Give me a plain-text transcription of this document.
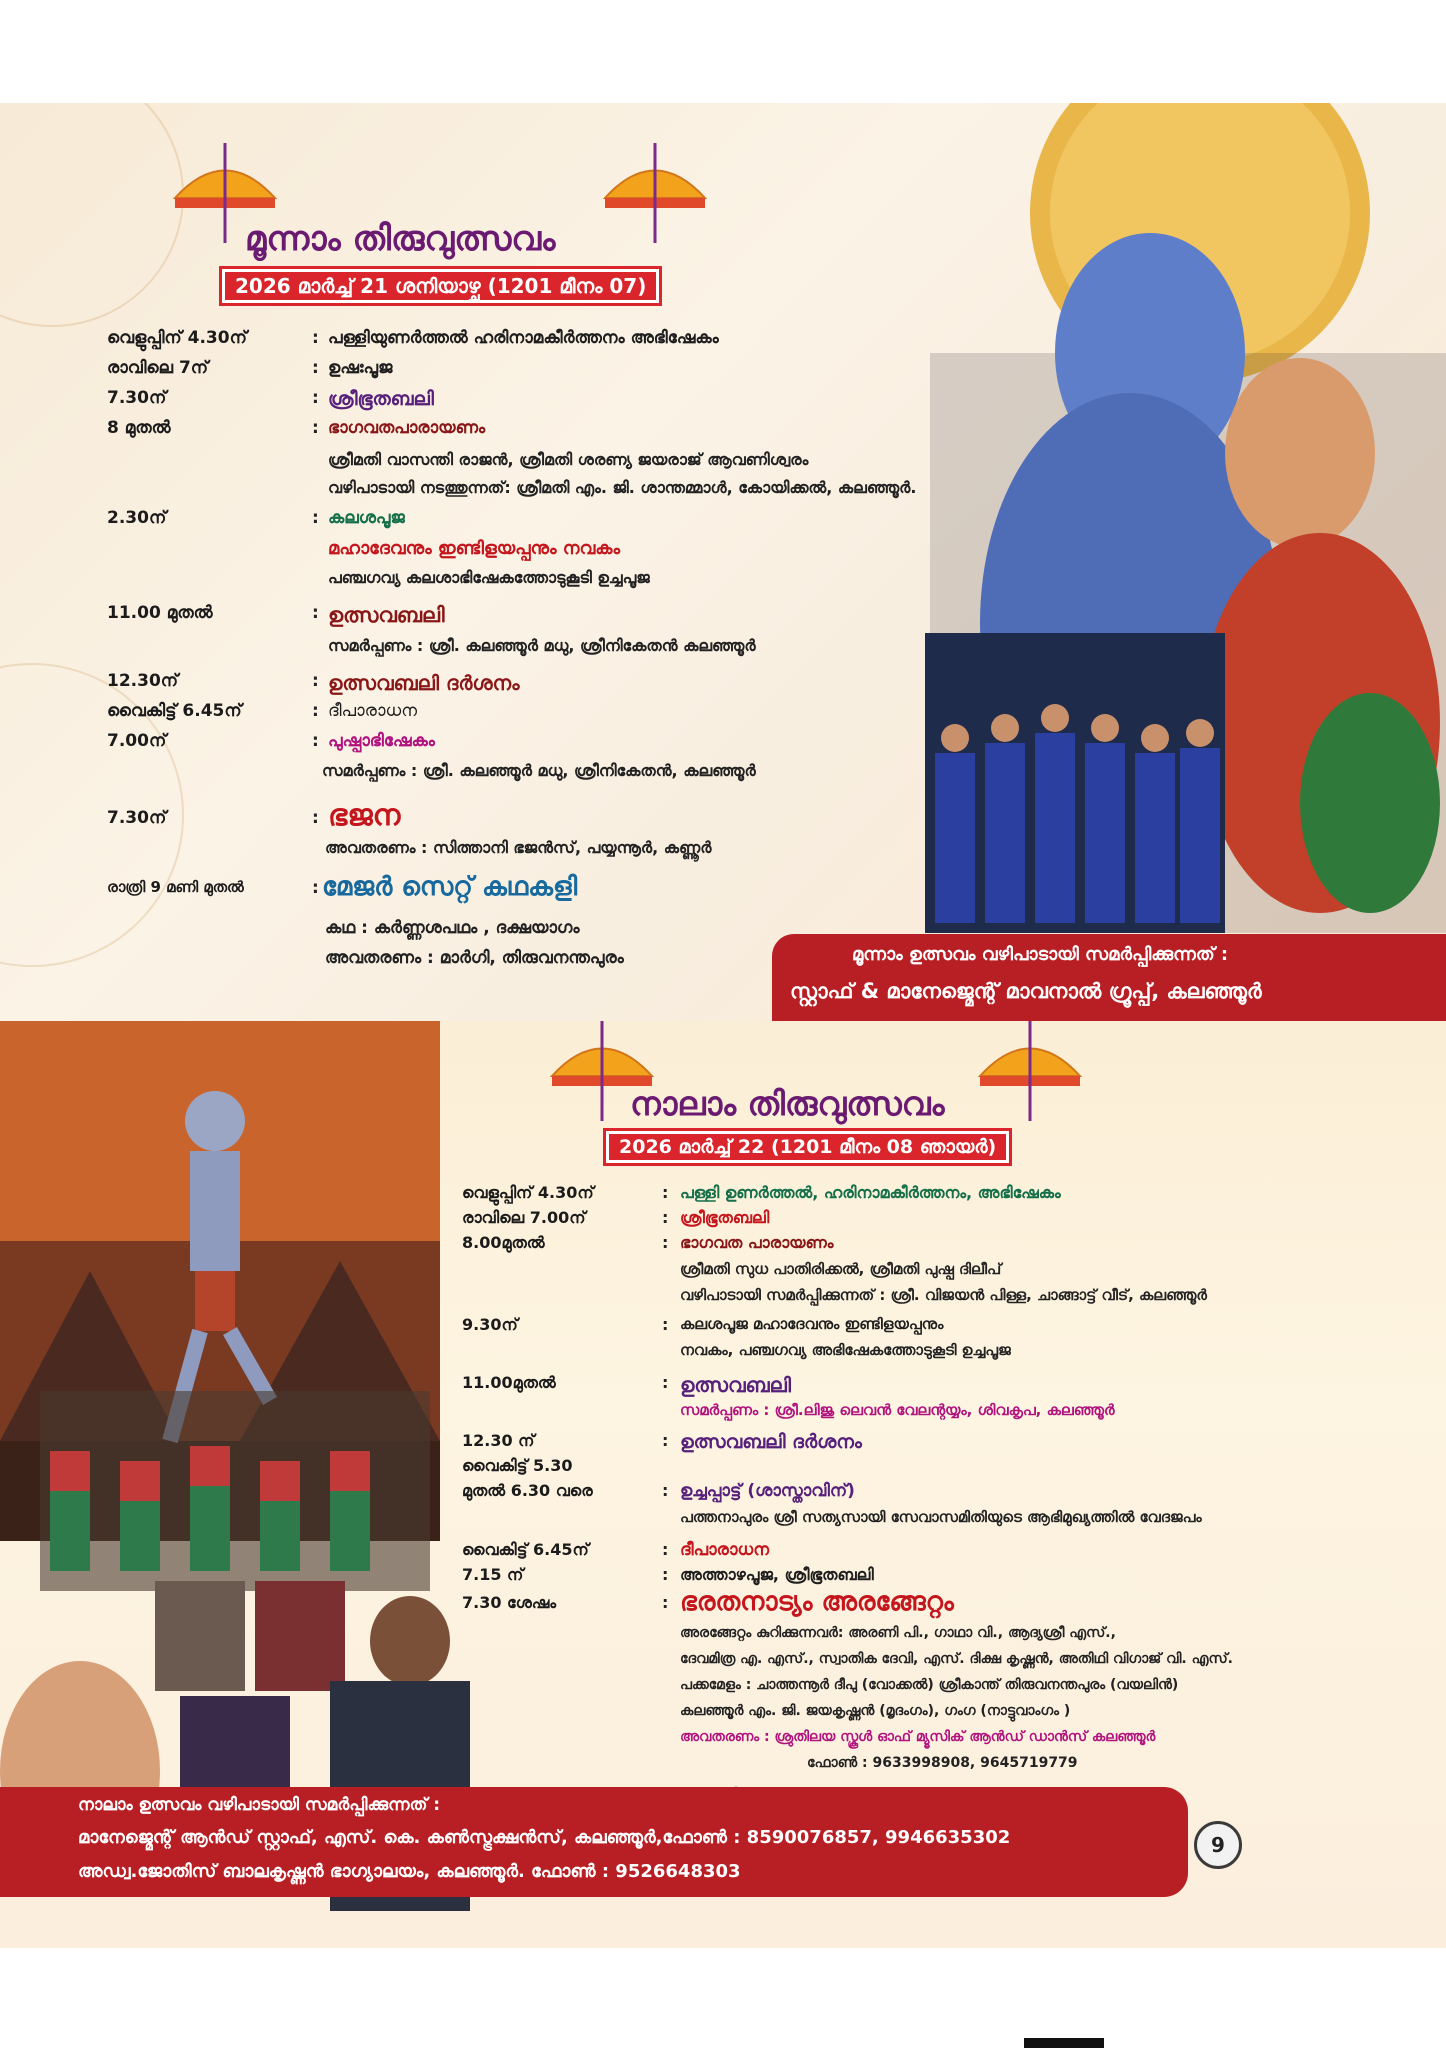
മൂന്നാം തിരുവുത്സവം
2026 മാർച്ച് 21 ശനിയാഴ്ച (1201 മീനം 07)
വെളുപ്പിന് 4.30ന്	: പള്ളിയുണർത്തൽ ഹരിനാമകീർത്തനം അഭിഷേകം
രാവിലെ 7ന്	: ഉഷഃപൂജ
7.30ന്	: ശ്രീഭൂതബലി
8 മുതൽ	: ഭാഗവതപാരായണം
ശ്രീമതി വാസന്തി രാജൻ, ശ്രീമതി ശരണ്യ ജയരാജ് ആവണിശ്വരം
വഴിപാടായി നടത്തുന്നത്: ശ്രീമതി എം. ജി. ശാന്തമ്മാൾ, കോയിക്കൽ, കലഞ്ഞൂർ.
2.30ന്	: കലശപൂജ
മഹാദേവനും ഇണ്ടിളയപ്പനും നവകം
പഞ്ചഗവ്യ കലശാഭിഷേകത്തോടുകൂടി ഉച്ചപൂജ
11.00 മുതൽ	: ഉത്സവബലി
സമർപ്പണം : ശ്രീ. കലഞ്ഞൂർ മധു, ശ്രീനികേതൻ കലഞ്ഞൂർ
12.30ന്	: ഉത്സവബലി ദർശനം
വൈകിട്ട് 6.45ന്	: ദീപാരാധന
7.00ന്	: പുഷ്പാഭിഷേകം
സമർപ്പണം : ശ്രീ. കലഞ്ഞൂർ മധു, ശ്രീനികേതൻ, കലഞ്ഞൂർ
7.30ന്	: ഭജന
അവതരണം : സിത്താനി ഭജൻസ്, പയ്യന്നൂർ, കണ്ണൂർ
രാത്രി 9 മണി മുതൽ	: മേജർ സെറ്റ് കഥകളി
കഥ : കർണ്ണശപഥം , ദക്ഷയാഗം
അവതരണം : മാർഗി, തിരുവനന്തപുരം	മൂന്നാം ഉത്സവം വഴിപാടായി സമർപ്പിക്കുന്നത് :
സ്റ്റാഫ് & മാനേജ്മെന്റ് മാവനാൽ ഗ്രൂപ്പ്, കലഞ്ഞൂർ
നാലാം തിരുവുത്സവം
2026 മാർച്ച് 22 (1201 മീനം 08 ഞായർ)
വെളുപ്പിന് 4.30ന്	: പള്ളി ഉണർത്തൽ, ഹരിനാമകീർത്തനം, അഭിഷേകം
രാവിലെ 7.00ന്	: ശ്രീഭൂതബലി
8.00മുതൽ	: ഭാഗവത പാരായണം
ശ്രീമതി സുധ പാതിരിക്കൽ, ശ്രീമതി പുഷ്പ ദിലീപ്
വഴിപാടായി സമർപ്പിക്കുന്നത് : ശ്രീ. വിജയൻ പിള്ള, ചാങ്ങാട്ട് വീട്, കലഞ്ഞൂർ
9.30ന്	: കലശപൂജ മഹാദേവനും ഇണ്ടിളയപ്പനും
നവകം, പഞ്ചഗവ്യ അഭിഷേകത്തോടുകൂടി ഉച്ചപൂജ
11.00മുതൽ	: ഉത്സവബലി
സമർപ്പണം : ശ്രീ.ലിജു ലെവൻ വേലന്റയ്യം, ശിവകൃപ, കലഞ്ഞൂർ
12.30 ന്	: ഉത്സവബലി ദർശനം
വൈകിട്ട് 5.30
മുതൽ 6.30 വരെ	: ഉച്ചപ്പാട്ട് (ശാസ്താവിന്)
പത്തനാപുരം ശ്രീ സത്യസായി സേവാസമിതിയുടെ ആഭിമുഖ്യത്തിൽ വേദജപം
വൈകിട്ട് 6.45ന്	: ദീപാരാധന
7.15 ന്	: അത്താഴപൂജ, ശ്രീഭൂതബലി
7.30 ശേഷം	: ഭരതനാട്യം അരങ്ങേറ്റം
അരങ്ങേറ്റം കുറിക്കുന്നവർ: അരണി പി., ഗാഥാ വി., ആദ്യശ്രീ എസ്.,
ദേവമിത്ര എ. എസ്., സ്വാതിക ദേവി, എസ്. ദിക്ഷ കൃഷ്ണൻ, അതിഥി വിഗാജ് വി. എസ്.
പക്കമേളം : ചാത്തന്നൂർ ദീപു (വോക്കൽ) ശ്രീകാന്ത് തിരുവനന്തപുരം (വയലിൻ)
കലഞ്ഞൂർ എം. ജി. ജയകൃഷ്ണൻ (മൃദംഗം), ഗംഗ (നാട്ടുവാംഗം )
അവതരണം : ശ്രുതിലയ സ്കൂൾ ഓഫ് മ്യൂസിക് ആൻഡ് ഡാൻസ് കലഞ്ഞൂർ
ഫോൺ : 9633998908, 9645719779
നാലാം ഉത്സവം വഴിപാടായി സമർപ്പിക്കുന്നത് :
മാനേജ്മെന്റ് ആൻഡ് സ്റ്റാഫ്, എസ്. കെ. കൺസ്ട്രക്ഷൻസ്, കലഞ്ഞൂർ,ഫോൺ : 8590076857, 9946635302
അഡ്വ.ജോതിസ് ബാലകൃഷ്ണൻ ഭാഗ്യാലയം, കലഞ്ഞൂർ. ഫോൺ : 9526648303
9
